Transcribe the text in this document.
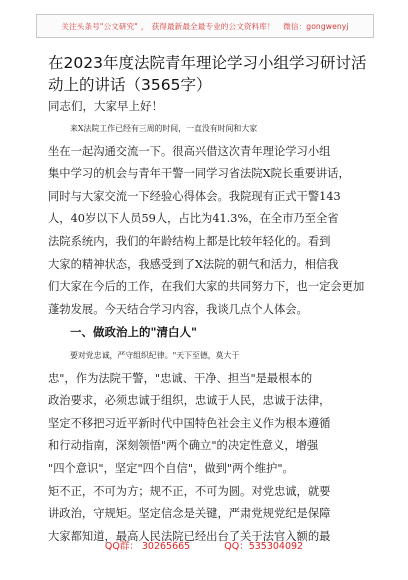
关注头条号"公文研究" ， 获得最新最全最专业的公文资料库！
微信：gongwenyj
在2023年度法院青年理论学习小组学习研讨活
动上的讲话（3565字）
同志们，大家早上好！
来X法院工作已经有三周的时间，一直没有时间和大家
坐在一起沟通交流一下。很高兴借这次青年理论学习小组
集中学习的机会与青年干警一同学习省法院X院长重要讲话，
同时与大家交流一下经验心得体会。我院现有正式干警143
人，40岁以下人员59人，占比为41.3%，在全市乃至全省
法院系统内，我们的年龄结构上都是比较年轻化的。看到
大家的精神状态，我感受到了X法院的朝气和活力，相信我
们大家在今后的工作，在我们大家的共同努力下，也一定会更加
蓬勃发展。今天结合学习内容，我谈几点个人体会。
一、做政治上的"清白人"
要对党忠诚，严守组织纪律。"天下至德，莫大于
忠"，作为法院干警，"忠诚、干净、担当"是最根本的
政治要求，必须忠诚于组织，忠诚于人民，忠诚于法律，
坚定不移把习近平新时代中国特色社会主义作为根本遵循
和行动指南，深刻领悟"两个确立"的决定性意义，增强
"四个意识"，坚定"四个自信"，做到"两个维护"。
矩不正，不可为方；规不正，不可为圆。对党忠诚，就要
讲政治，守规矩。坚定信念是关键，严肃党规党纪是保障
大家都知道，最高人民法院已经出台了关于法官入额的最
QQ群： 30265665	QQ：535304092
